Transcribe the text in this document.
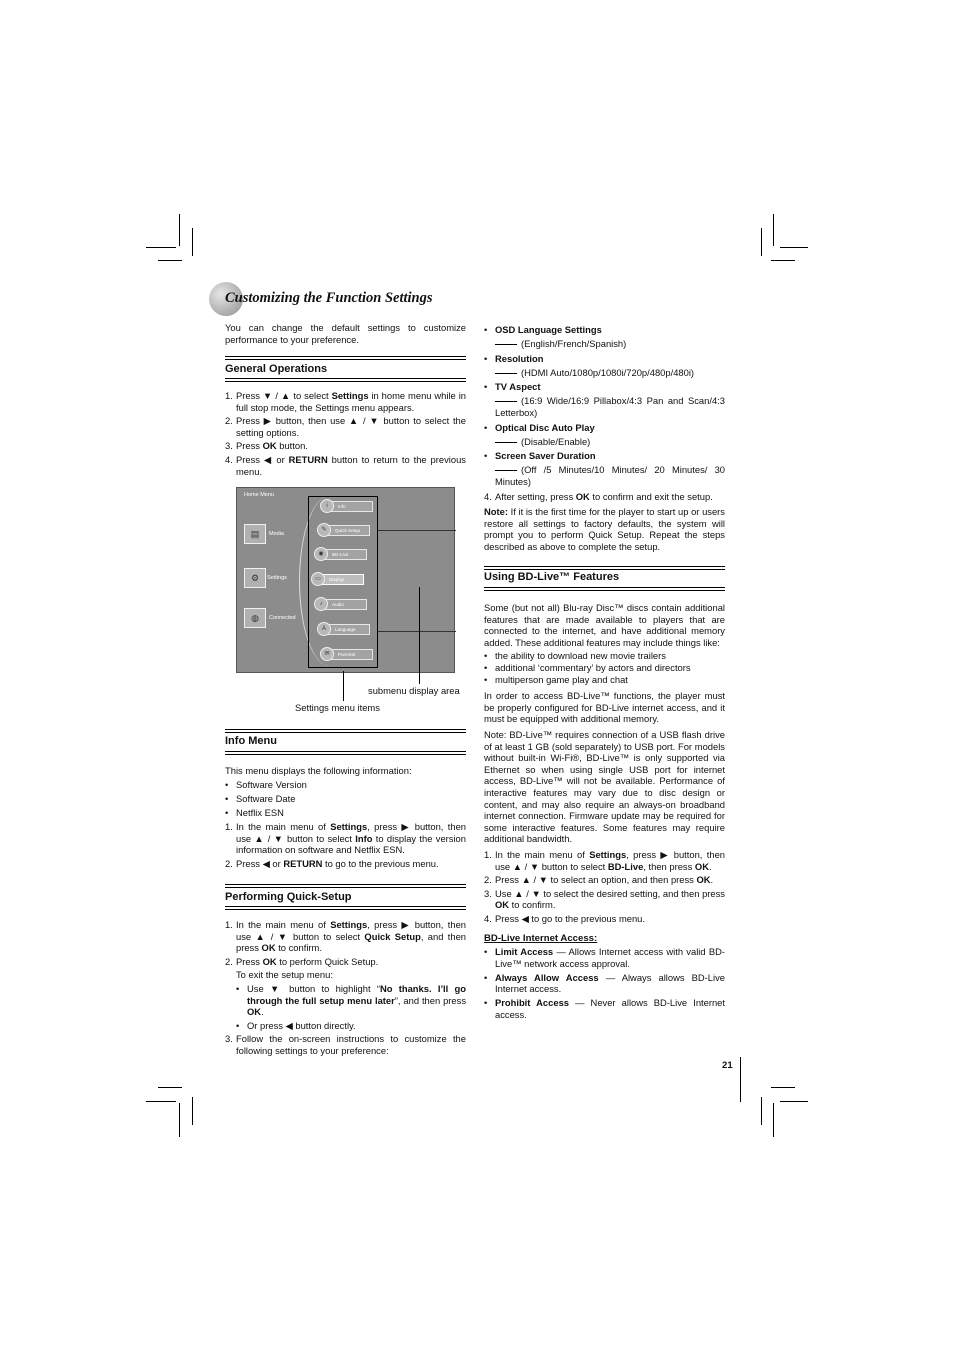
Customizing the Function Settings

You can change the default settings to customize performance to your preference.

General Operations
1. Press ▼ / ▲ to select Settings in home menu while in full stop mode, the Settings menu appears.
2. Press ▶ button, then use ▲ / ▼ button to select the setting options.
3. Press OK button.
4. Press ◀ or RETURN button to return to the previous menu.
Home Menu
▤	Media
⚙	Settings
◍	Connected
i	Info
✎	Quick Setup
◉	BD-Live
▭	Display
♪	Audio
A	Language
✉	Parental
submenu display area
Settings menu items
Info Menu

This menu displays the following information:

• Software Version
• Software Date
• Netflix ESN
1. In the main menu of Settings, press ▶ button, then use ▲ / ▼ button to select Info to display the version information on software and Netflix ESN.
2. Press ◀ or RETURN to go to the previous menu.
Performing Quick-Setup
1. In the main menu of Settings, press ▶ button, then use ▲ / ▼ button to select Quick Setup, and then press OK to confirm.
2. Press OK to perform Quick Setup.
To exit the setup menu:
• Use ▼ button to highlight “No thanks. I’ll go through the full setup menu later”, and then press OK.
• Or press ◀ button directly.
3. Follow the on-screen instructions to customize the following settings to your preference:
• OSD Language Settings
(English/French/Spanish)
• Resolution
(HDMI Auto/1080p/1080i/720p/480p/480i)
• TV Aspect
(16:9 Wide/16:9 Pillabox/4:3 Pan and Scan/4:3 Letterbox)
• Optical Disc Auto Play
(Disable/Enable)
• Screen Saver Duration
(Off /5 Minutes/10 Minutes/ 20 Minutes/ 30 Minutes)
4. After setting, press OK to confirm and exit the setup.
Note: If it is the first time for the player to start up or users restore all settings to factory defaults, the system will prompt you to perform Quick Setup. Repeat the steps described as above to complete the setup.
Using BD-Live™ Features

Some (but not all) Blu-ray Disc™ discs contain additional features that are made available to players that are connected to the internet, and have additional memory added. These additional features may include things like:

• the ability to download new movie trailers
• additional ‘commentary’ by actors and directors
• multiperson game play and chat

In order to access BD-Live™ functions, the player must be properly configured for BD-Live internet access, and it must be equipped with additional memory.

Note: BD-Live™ requires connection of a USB flash drive of at least 1 GB (sold separately) to USB port. For models without built-in Wi-Fi®, BD-Live™ is only supported via Ethernet so when using single USB port for internet access, BD-Live™ will not be available. Performance of interactive features may vary due to disc design or content, and may also require an always-on broadband internet connection. Firmware update may be required for some interactive features. Some features may require additional bandwidth.

1. In the main menu of Settings, press ▶ button, then use ▲ / ▼ button to select BD-Live, then press OK.
2. Press ▲ / ▼ to select an option, and then press OK.
3. Use ▲ / ▼ to select the desired setting, and then press OK to confirm.
4. Press ◀ to go to the previous menu.
BD-Live Internet Access:
• Limit Access — Allows Internet access with valid BD-Live™ network access approval.
• Always Allow Access — Always allows BD-Live Internet access.
• Prohibit Access — Never allows BD-Live Internet access.
21
